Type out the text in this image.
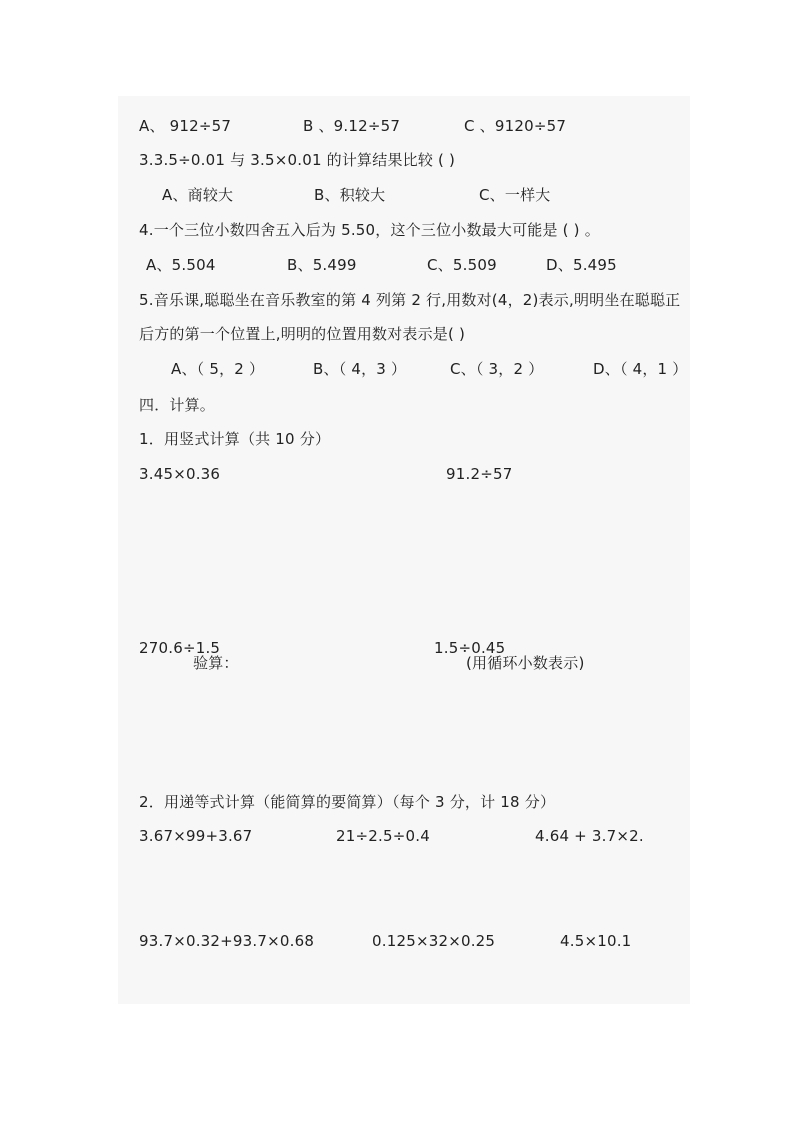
A、 912÷57	B 、9.12÷57	C 、9120÷57
3.3.5÷0.01 与 3.5×0.01 的计算结果比较 ( )
A、商较大	B、积较大	C、一样大
4.一个三位小数四舍五入后为 5.50，这个三位小数最大可能是 ( ) 。
A、5.504	B、5.499	C、5.509	D、5.495
5.音乐课,聪聪坐在音乐教室的第 4 列第 2 行,用数对(4，2)表示,明明坐在聪聪正
后方的第一个位置上,明明的位置用数对表示是( )
A、（ 5，2 ）	B、（ 4，3 ）	C、（ 3，2 ）	D、（ 4，1 ）
四．计算。
1．用竖式计算（共 10 分）
3.45×0.36	91.2÷57
270.6÷1.5
验算：
1.5÷0.45
(用循环小数表示)
2．用递等式计算（能简算的要简算）（每个 3 分，计 18 分）
3.67×99+3.67	21÷2.5÷0.4	4.64 + 3.7×2.
93.7×0.32+93.7×0.68	0.125×32×0.25	4.5×10.1
